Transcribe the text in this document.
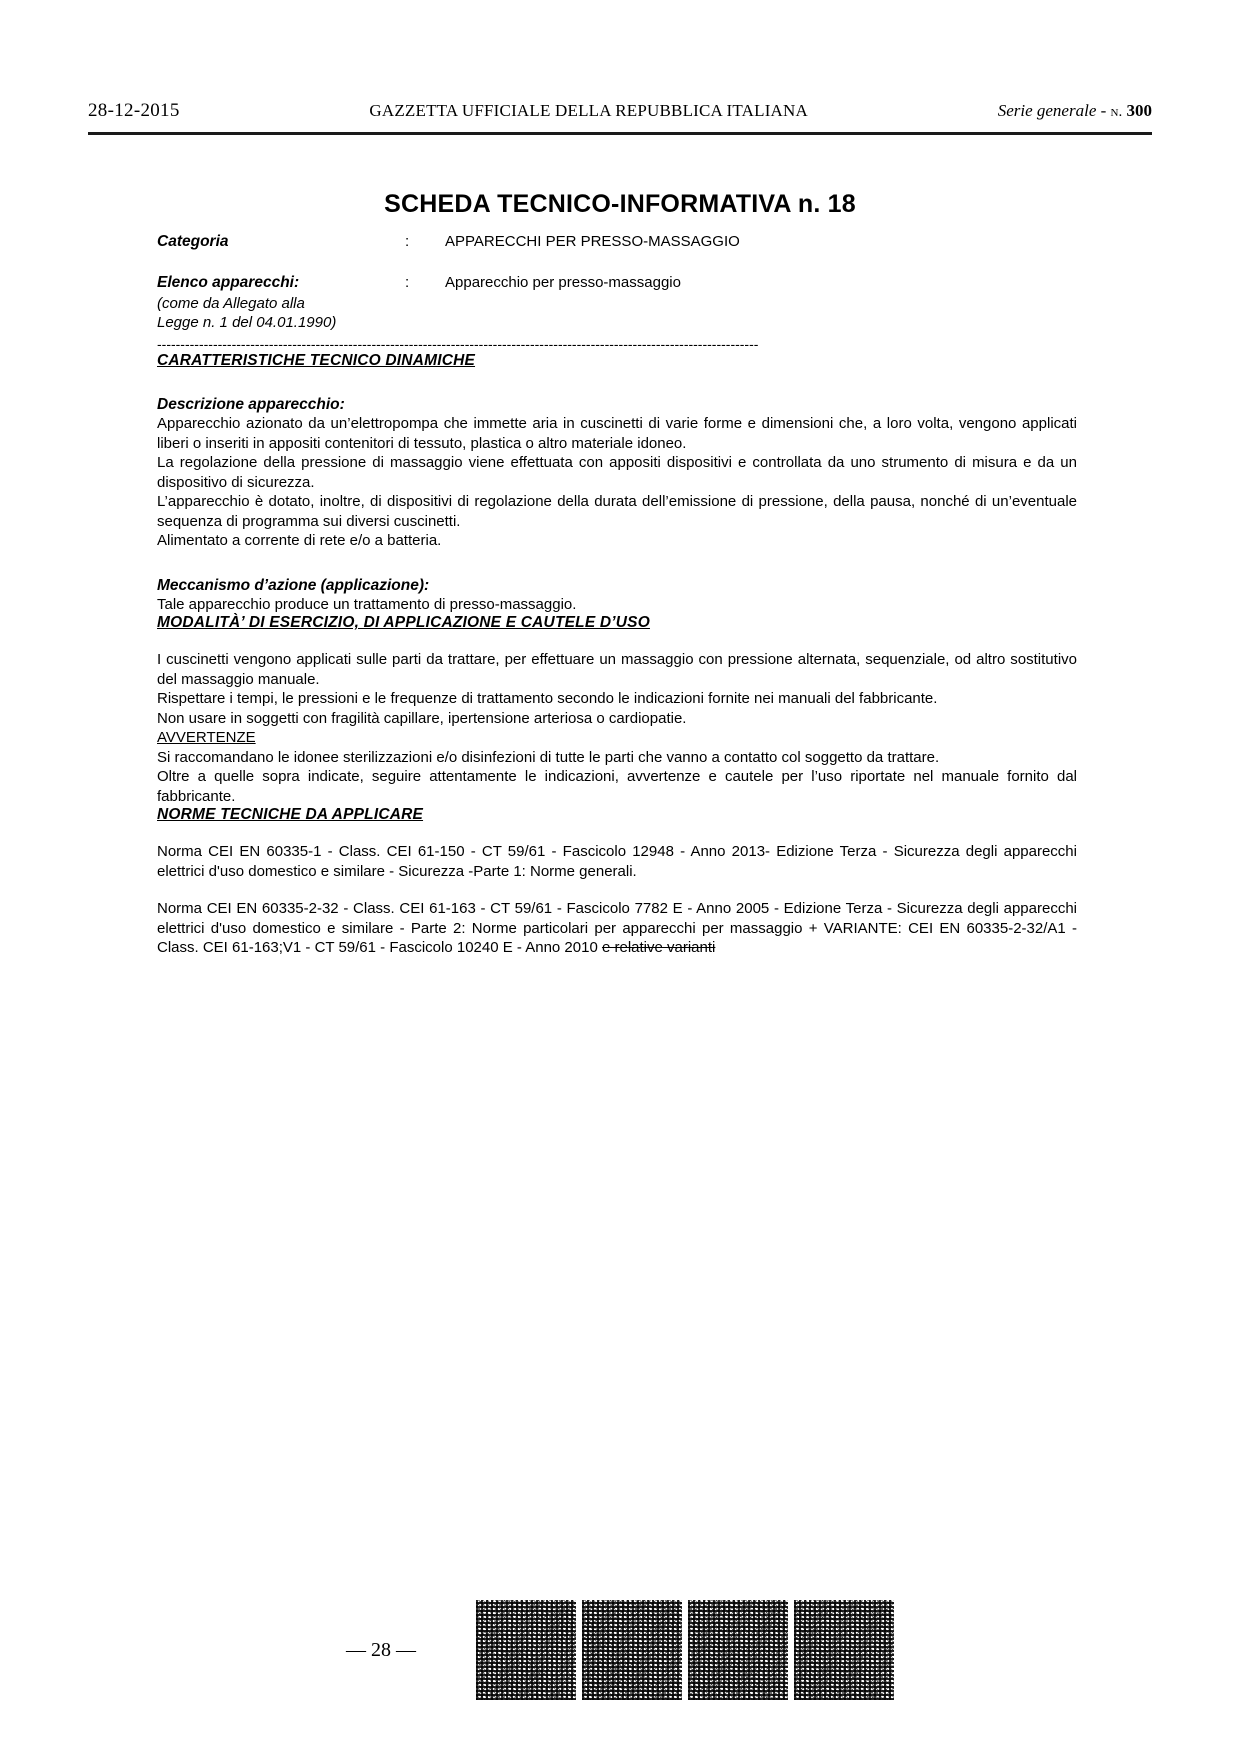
28-12-2015	GAZZETTA UFFICIALE DELLA REPUBBLICA ITALIANA	Serie generale - n. 300
SCHEDA TECNICO-INFORMATIVA n. 18
Categoria	:	APPARECCHI PER PRESSO-MASSAGGIO
Elenco apparecchi:	:	Apparecchio per presso-massaggio
(come da Allegato alla
Legge n. 1 del 04.01.1990)
---------------------------------------------------------------------------------------------------------------------------------
CARATTERISTICHE TECNICO DINAMICHE
Descrizione apparecchio:

Apparecchio azionato da un’elettropompa che immette aria in cuscinetti di varie forme e dimensioni che, a loro volta, vengono applicati liberi o inseriti in appositi contenitori di tessuto, plastica o altro materiale idoneo.

La regolazione della pressione di massaggio viene effettuata con appositi dispositivi e controllata da uno strumento di misura e da un dispositivo di sicurezza.

L’apparecchio è dotato, inoltre, di dispositivi di regolazione della durata dell’emissione di pressione, della pausa, nonché di un’eventuale sequenza di programma sui diversi cuscinetti.

Alimentato a corrente di rete e/o a batteria.

Meccanismo d’azione (applicazione):

Tale apparecchio produce un trattamento di presso-massaggio.

MODALITÀ’ DI ESERCIZIO, DI APPLICAZIONE E CAUTELE D’USO

I cuscinetti vengono applicati sulle parti da trattare, per effettuare un massaggio con pressione alternata, sequenziale, od altro sostitutivo del massaggio manuale.

Rispettare i tempi, le pressioni e le frequenze di trattamento secondo le indicazioni fornite nei manuali del fabbricante.

Non usare in soggetti con fragilità capillare, ipertensione arteriosa o cardiopatie.

AVVERTENZE

Si raccomandano le idonee sterilizzazioni e/o disinfezioni di tutte le parti che vanno a contatto col soggetto da trattare.

Oltre a quelle sopra indicate, seguire attentamente le indicazioni, avvertenze e cautele per l’uso riportate nel manuale fornito dal fabbricante.

NORME TECNICHE DA APPLICARE

Norma CEI EN 60335-1 - Class. CEI 61-150 - CT 59/61 - Fascicolo 12948 - Anno 2013- Edizione Terza - Sicurezza degli apparecchi elettrici d'uso domestico e similare - Sicurezza -Parte 1: Norme generali.

Norma CEI EN 60335-2-32 - Class. CEI 61-163 - CT 59/61 - Fascicolo 7782 E - Anno 2005 - Edizione Terza - Sicurezza degli apparecchi elettrici d'uso domestico e similare - Parte 2: Norme particolari per apparecchi per massaggio + VARIANTE: CEI EN 60335-2-32/A1 - Class. CEI 61-163;V1 - CT 59/61 - Fascicolo 10240 E - Anno 2010 e relative varianti

— 28 —
